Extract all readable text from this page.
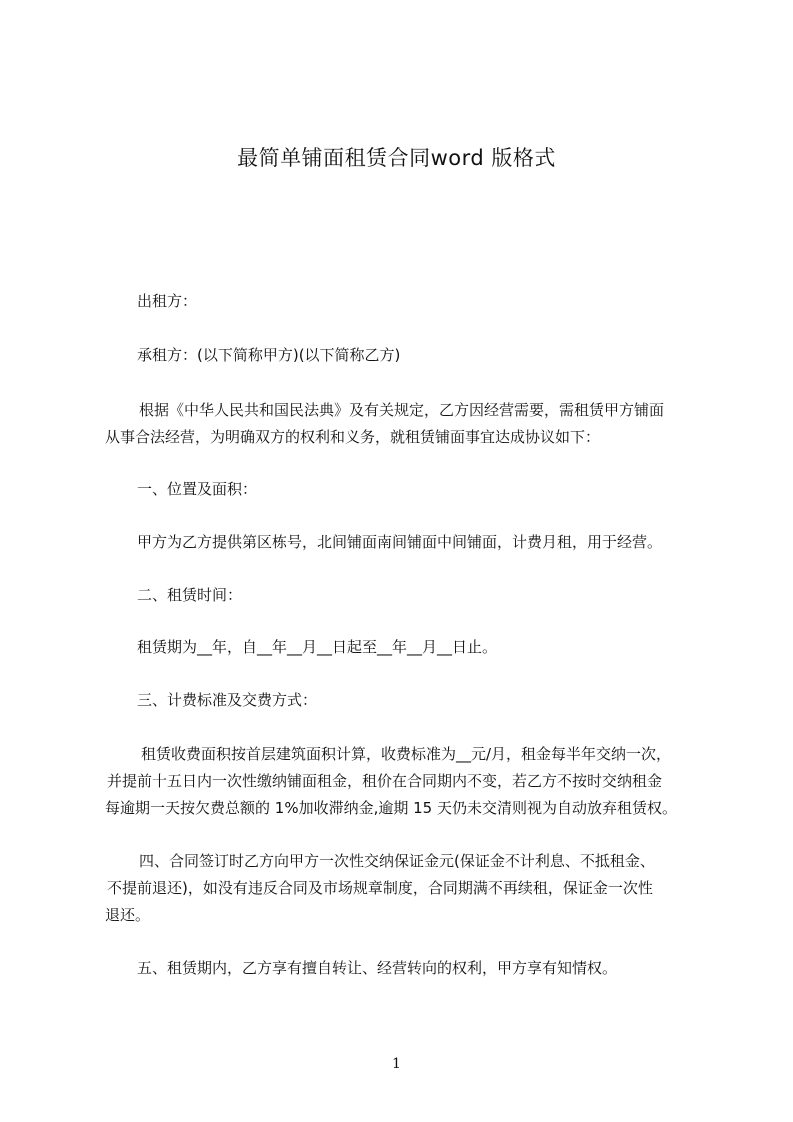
最简单铺面租赁合同word 版格式
出租方：
承租方：(以下简称甲方)(以下简称乙方)
根据《中华人民共和国民法典》及有关规定，乙方因经营需要，需租赁甲方铺面
从事合法经营，为明确双方的权利和义务，就租赁铺面事宜达成协议如下：
一、位置及面积：
甲方为乙方提供第区栋号，北间铺面南间铺面中间铺面，计费月租，用于经营。
二、租赁时间：
租赁期为__年，自__年__月__日起至__年__月__日止。
三、计费标准及交费方式：
租赁收费面积按首层建筑面积计算，收费标准为__元/月，租金每半年交纳一次，
并提前十五日内一次性缴纳铺面租金，租价在合同期内不变，若乙方不按时交纳租金
每逾期一天按欠费总额的 1%加收滞纳金,逾期 15 天仍未交清则视为自动放弃租赁权。
四、合同签订时乙方向甲方一次性交纳保证金元(保证金不计利息、不抵租金、
不提前退还)，如没有违反合同及市场规章制度，合同期满不再续租，保证金一次性
退还。
五、租赁期内，乙方享有擅自转让、经营转向的权利，甲方享有知情权。
1
